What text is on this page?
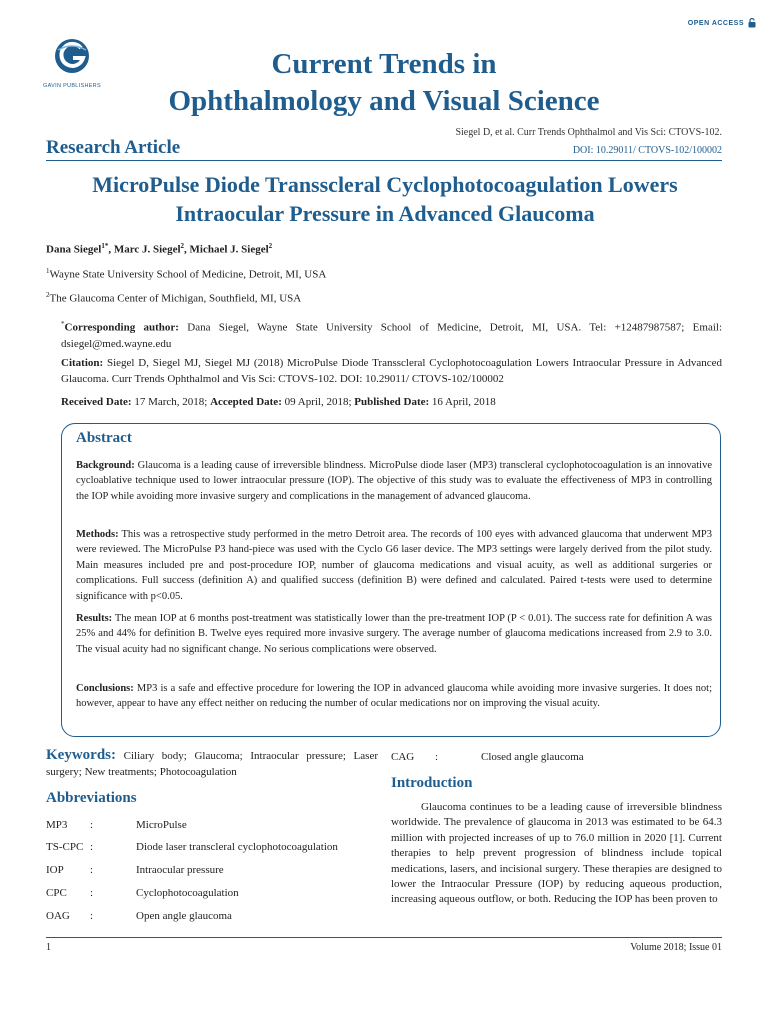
OPEN ACCESS
GAVIN PUBLISHERS
Current Trends in
Ophthalmology and Visual Science
Siegel D, et al. Curr Trends Ophthalmol and Vis Sci: CTOVS-102.
Research Article	DOI: 10.29011/ CTOVS-102/100002
MicroPulse Diode Transscleral Cyclophotocoagulation Lowers
Intraocular Pressure in Advanced Glaucoma
Dana Siegel$^{1*}$, Marc J. Siegel$^2$, Michael J. Siegel$^2$
$^1$Wayne State University School of Medicine, Detroit, MI, USA
$^2$The Glaucoma Center of Michigan, Southfield, MI, USA
*Corresponding author: Dana Siegel, Wayne State University School of Medicine, Detroit, MI, USA. Tel: +12487987587; Email: dsiegel@med.wayne.edu
Citation: Siegel D, Siegel MJ, Siegel MJ (2018) MicroPulse Diode Transscleral Cyclophotocoagulation Lowers Intraocular Pressure in Advanced Glaucoma. Curr Trends Ophthalmol and Vis Sci: CTOVS-102. DOI: 10.29011/ CTOVS-102/100002
Received Date: 17 March, 2018; Accepted Date: 09 April, 2018; Published Date: 16 April, 2018
Abstract
Background: Glaucoma is a leading cause of irreversible blindness. MicroPulse diode laser (MP3) transcleral cyclophotocoagulation is an innovative cycloablative technique used to lower intraocular pressure (IOP). The objective of this study was to evaluate the effectiveness of MP3 in controlling the IOP while avoiding more invasive surgery and complications in the management of advanced glaucoma.
Methods: This was a retrospective study performed in the metro Detroit area. The records of 100 eyes with advanced glaucoma that underwent MP3 were reviewed. The MicroPulse P3 hand-piece was used with the Cyclo G6 laser device. The MP3 settings were largely derived from the pilot study. Main measures included pre and post-procedure IOP, number of glaucoma medications and visual acuity, as well as additional surgeries or complications. Full success (definition A) and qualified success (definition B) were defined and calculated. Paired t-tests were used to determine significance with p<0.05.
Results: The mean IOP at 6 months post-treatment was statistically lower than the pre-treatment IOP (P < 0.01). The success rate for definition A was 25% and 44% for definition B. Twelve eyes required more invasive surgery. The average number of glaucoma medications increased from 2.9 to 3.0. The visual acuity had no significant change. No serious complications were observed.
Conclusions: MP3 is a safe and effective procedure for lowering the IOP in advanced glaucoma while avoiding more invasive surgeries. It does not; however, appear to have any effect neither on reducing the number of ocular medications nor on improving the visual acuity.
Keywords: Ciliary body; Glaucoma; Intraocular pressure; Laser surgery; New treatments; Photocoagulation
Abbreviations
MP3	:	MicroPulse
TS-CPC :	Diode laser transcleral cyclophotocoagulation
IOP	:	Intraocular pressure
CPC	:	Cyclophotocoagulation
OAG	:	Open angle glaucoma
CAG	:	Closed angle glaucoma
Introduction

Glaucoma continues to be a leading cause of irreversible blindness worldwide. The prevalence of glaucoma in 2013 was estimated to be 64.3 million with projected increases of up to 76.0 million in 2020 [1]. Current therapies to help prevent progression of blindness include topical medications, lasers, and incisional surgery. These therapies are designed to lower the Intraocular Pressure (IOP) by reducing aqueous production, increasing aqueous outflow, or both. Reducing the IOP has been proven to

1	Volume 2018; Issue 01
